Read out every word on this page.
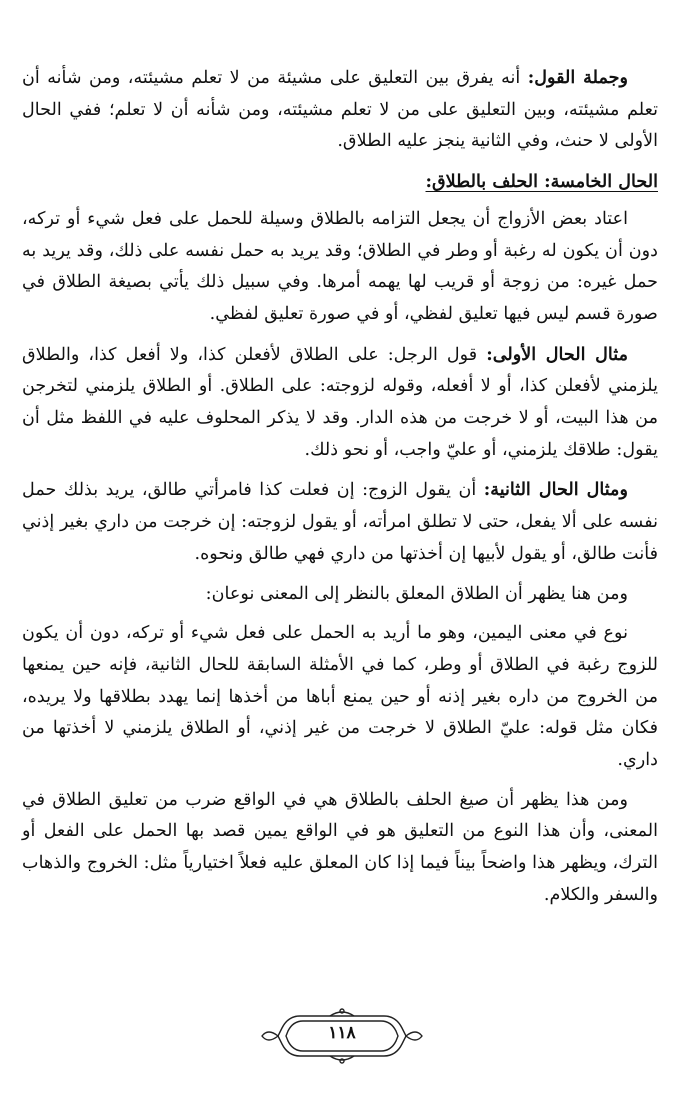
وجملة القول: أنه يفرق بين التعليق على مشيئة من لا تعلم مشيئته، ومن شأنه أن تعلم مشيئته، وبين التعليق على من لا تعلم مشيئته، ومن شأنه أن لا تعلم؛ ففي الحال الأولى لا حنث، وفي الثانية ينجز عليه الطلاق.

الحال الخامسة: الحلف بالطلاق:

اعتاد بعض الأزواج أن يجعل التزامه بالطلاق وسيلة للحمل على فعل شيء أو تركه، دون أن يكون له رغبة أو وطر في الطلاق؛ وقد يريد به حمل نفسه على ذلك، وقد يريد به حمل غيره: من زوجة أو قريب لها يهمه أمرها. وفي سبيل ذلك يأتي بصيغة الطلاق في صورة قسم ليس فيها تعليق لفظي، أو في صورة تعليق لفظي.

مثال الحال الأولى: قول الرجل: على الطلاق لأفعلن كذا، ولا أفعل كذا، والطلاق يلزمني لأفعلن كذا، أو لا أفعله، وقوله لزوجته: على الطلاق. أو الطلاق يلزمني لتخرجن من هذا البيت، أو لا خرجت من هذه الدار. وقد لا يذكر المحلوف عليه في اللفظ مثل أن يقول: طلاقك يلزمني، أو عليّ واجب، أو نحو ذلك.

ومثال الحال الثانية: أن يقول الزوج: إن فعلت كذا فامرأتي طالق، يريد بذلك حمل نفسه على ألا يفعل، حتى لا تطلق امرأته، أو يقول لزوجته: إن خرجت من داري بغير إذني فأنت طالق، أو يقول لأبيها إن أخذتها من داري فهي طالق ونحوه.

ومن هنا يظهر أن الطلاق المعلق بالنظر إلى المعنى نوعان:

نوع في معنى اليمين، وهو ما أريد به الحمل على فعل شيء أو تركه، دون أن يكون للزوج رغبة في الطلاق أو وطر، كما في الأمثلة السابقة للحال الثانية، فإنه حين يمنعها من الخروج من داره بغير إذنه أو حين يمنع أباها من أخذها إنما يهدد بطلاقها ولا يريده، فكان مثل قوله: عليّ الطلاق لا خرجت من غير إذني، أو الطلاق يلزمني لا أخذتها من داري.

ومن هذا يظهر أن صيغ الحلف بالطلاق هي في الواقع ضرب من تعليق الطلاق في المعنى، وأن هذا النوع من التعليق هو في الواقع يمين قصد بها الحمل على الفعل أو الترك، ويظهر هذا واضحاً بيناً فيما إذا كان المعلق عليه فعلاً اختيارياً مثل: الخروج والذهاب والسفر والكلام.

١١٨
